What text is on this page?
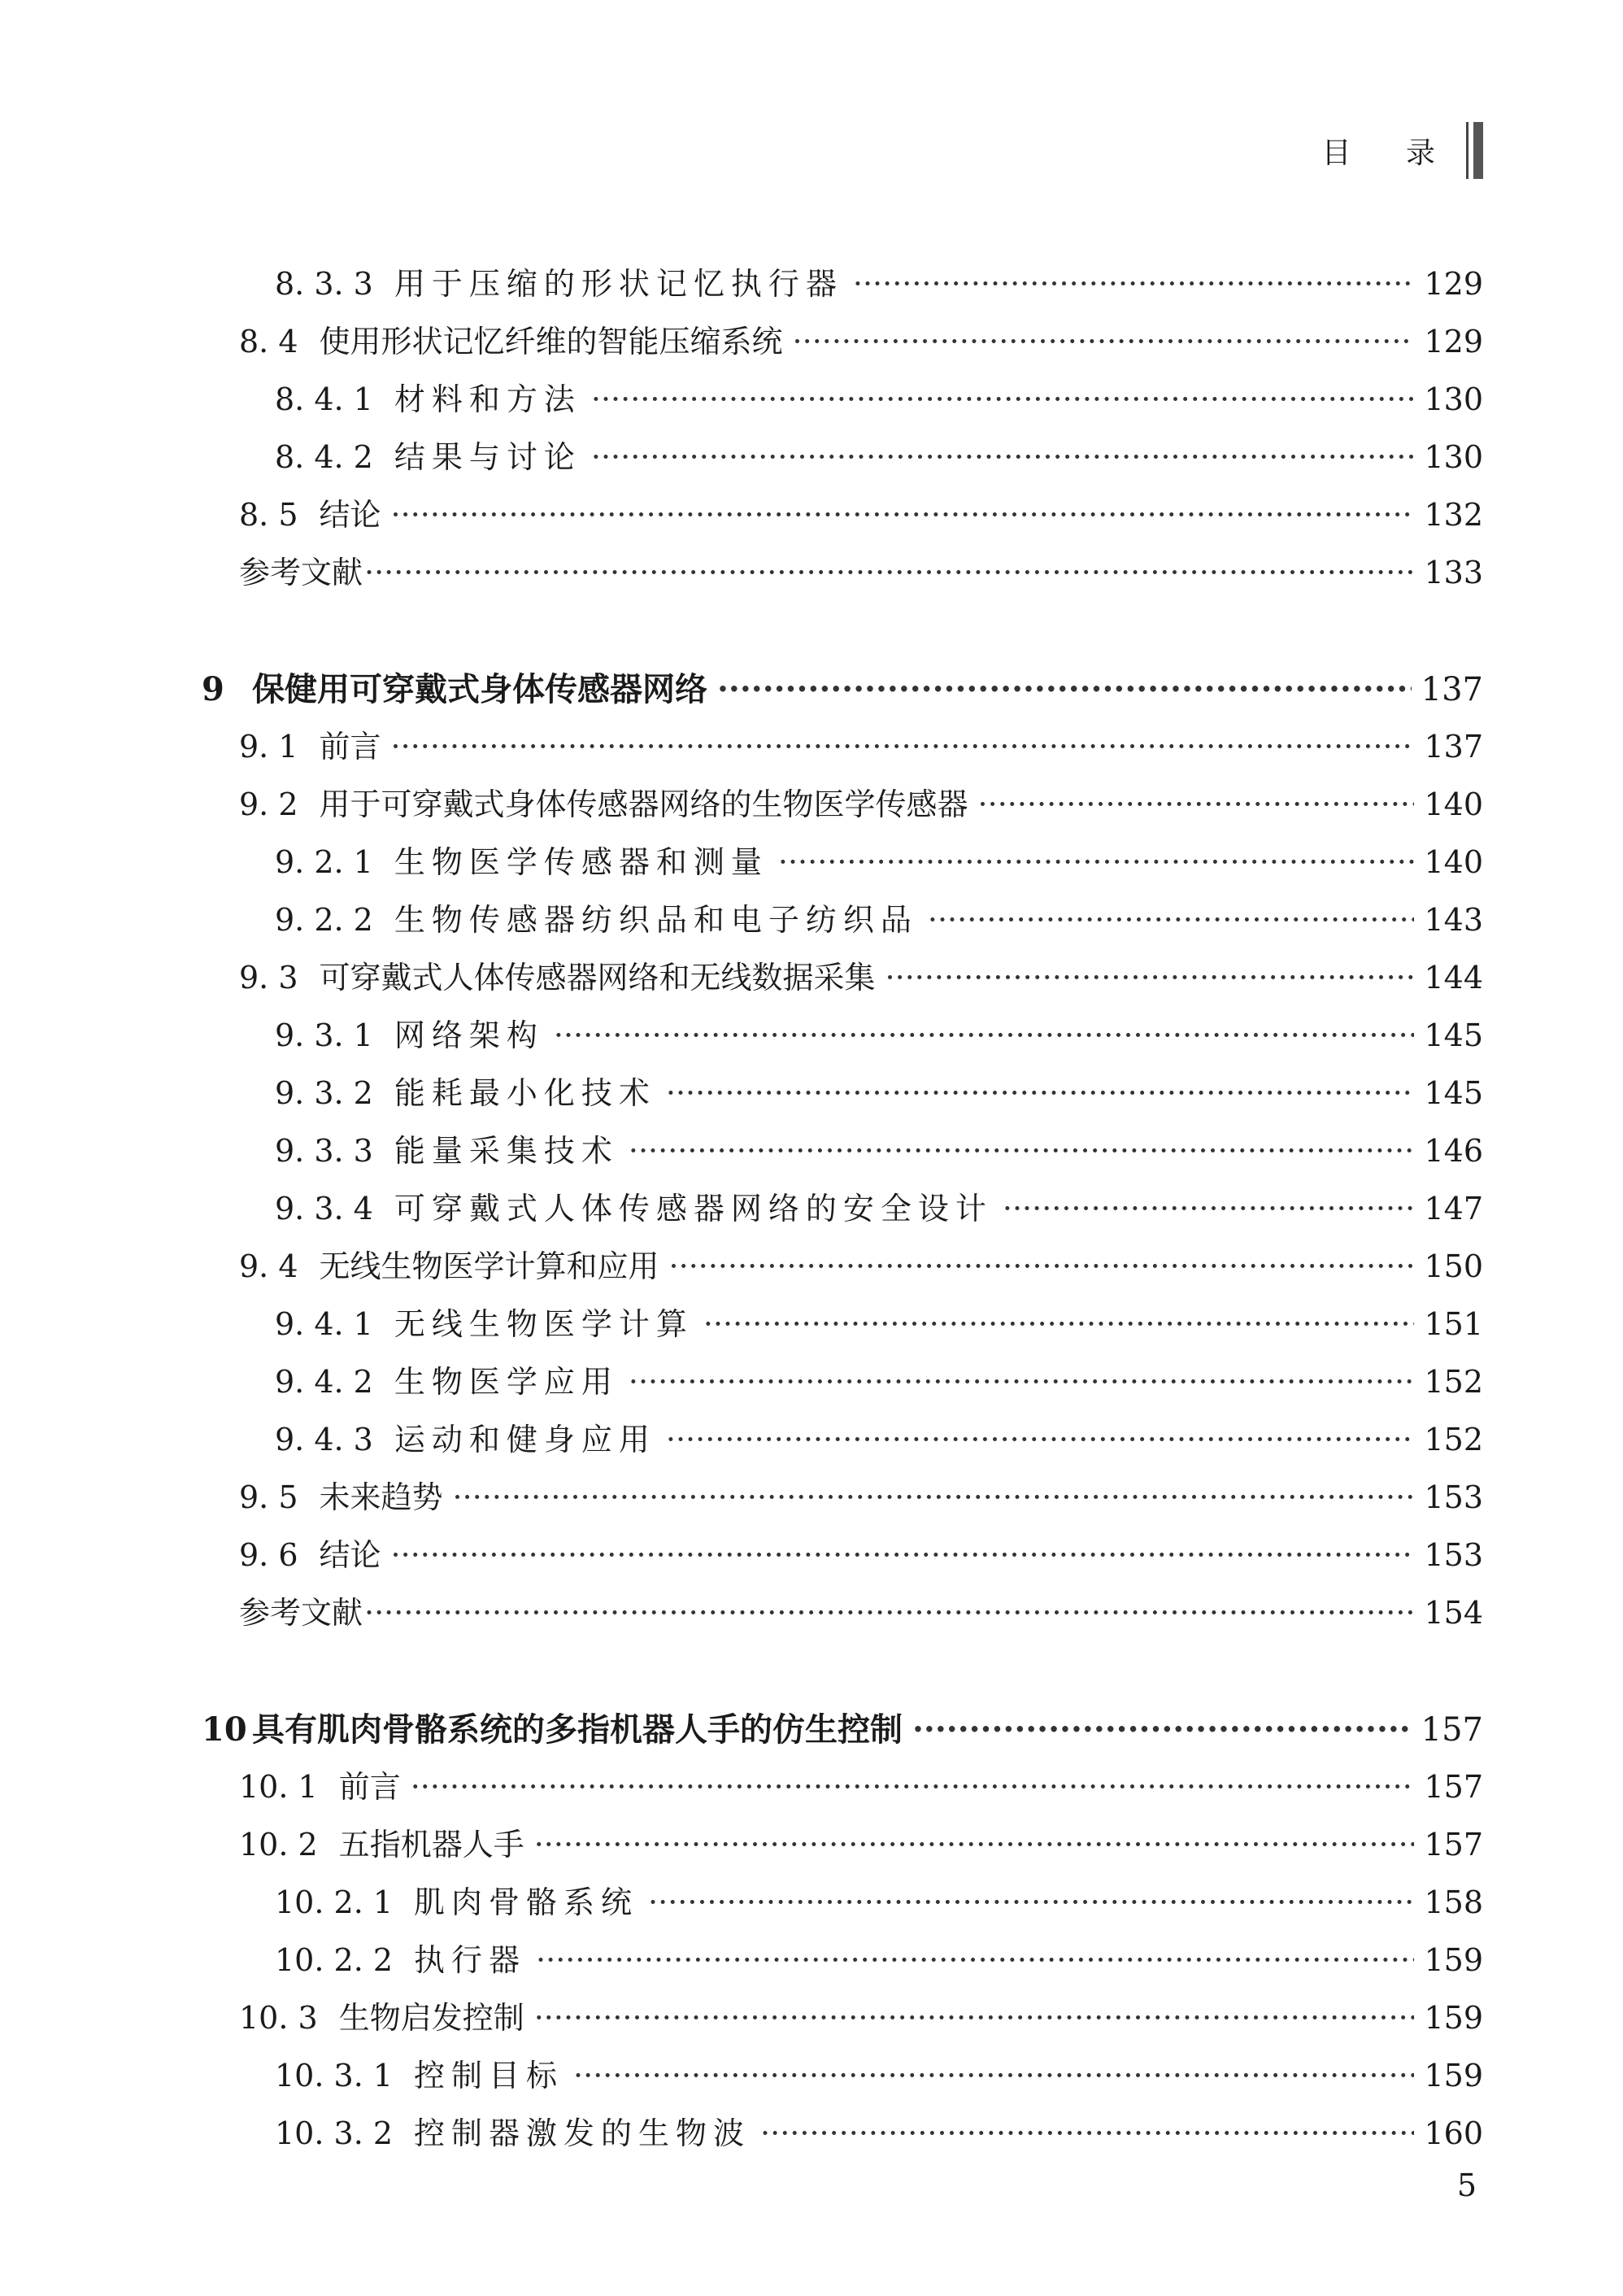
目 录
8. 3. 3 用于压缩的形状记忆执行器 ·····	129
8. 4 使用形状记忆纤维的智能压缩系统 ·····	129
8. 4. 1 材料和方法 ·····	130
8. 4. 2 结果与讨论 ·····	130
8. 5 结论 ·····	132
参考文献 ·····	133
9 保健用可穿戴式身体传感器网络 ·····	137
9. 1 前言 ·····	137
9. 2 用于可穿戴式身体传感器网络的生物医学传感器 ·····	140
9. 2. 1 生物医学传感器和测量 ·····	140
9. 2. 2 生物传感器纺织品和电子纺织品 ·····	143
9. 3 可穿戴式人体传感器网络和无线数据采集 ·····	144
9. 3. 1 网络架构 ·····	145
9. 3. 2 能耗最小化技术 ·····	145
9. 3. 3 能量采集技术 ·····	146
9. 3. 4 可穿戴式人体传感器网络的安全设计 ·····	147
9. 4 无线生物医学计算和应用 ·····	150
9. 4. 1 无线生物医学计算 ·····	151
9. 4. 2 生物医学应用 ·····	152
9. 4. 3 运动和健身应用 ·····	152
9. 5 未来趋势 ·····	153
9. 6 结论 ·····	153
参考文献 ·····	154
10 具有肌肉骨骼系统的多指机器人手的仿生控制 ·····	157
10. 1 前言 ·····	157
10. 2 五指机器人手 ·····	157
10. 2. 1 肌肉骨骼系统 ·····	158
10. 2. 2 执行器 ·····	159
10. 3 生物启发控制 ·····	159
10. 3. 1 控制目标 ·····	159
10. 3. 2 控制器激发的生物波 ·····	160
5
